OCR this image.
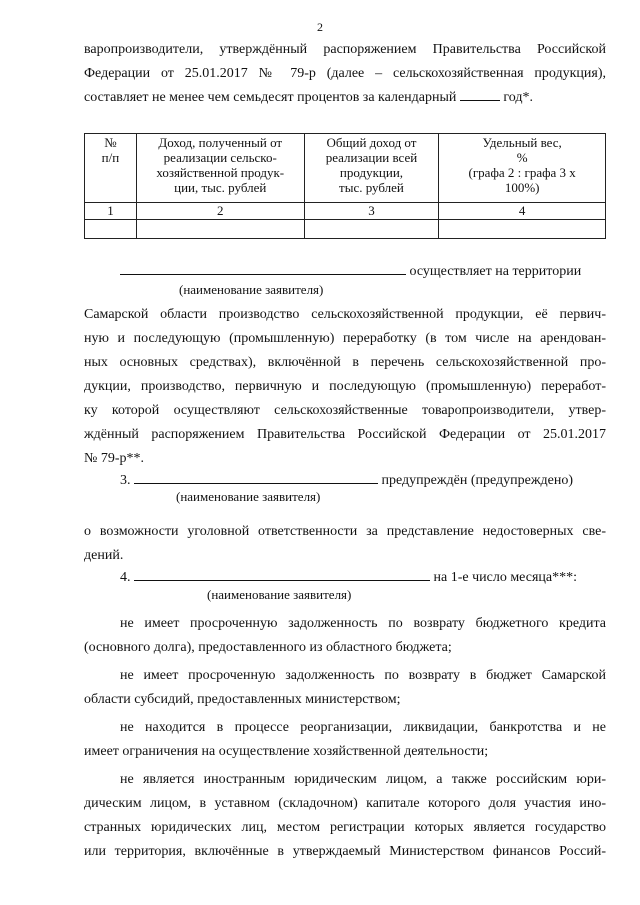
2
варопроизводители, утверждённый распоряжением Правительства Российской
Федерации от 25.01.2017 № 79-р (далее – сельскохозяйственная продукция),
составляет не менее чем семьдесят процентов за календарный	год*.
№
п/п	Доход, полученный от
реализации сельско-
хозяйственной продук-
ции, тыс. рублей	Общий доход от
реализации всей
продукции,
тыс. рублей	Удельный вес,
%
(графа 2 : графа 3 х
100%)
1	2	3	4

осуществляет на территории
(наименование заявителя)
Самарской области производство сельскохозяйственной продукции, её первич-
ную и последующую (промышленную) переработку (в том числе на арендован-
ных основных средствах), включённой в перечень сельскохозяйственной про-
дукции, производство, первичную и последующую (промышленную) переработ-
ку которой осуществляют сельскохозяйственные товаропроизводители, утвер-
ждённый распоряжением Правительства Российской Федерации от 25.01.2017
№ 79-р**.
3.	предупреждён (предупреждено)
(наименование заявителя)
о возможности уголовной ответственности за представление недостоверных све-
дений.
4.	на 1-е число месяца***:
(наименование заявителя)
не имеет просроченную задолженность по возврату бюджетного кредита
(основного долга), предоставленного из областного бюджета;
не имеет просроченную задолженность по возврату в бюджет Самарской
области субсидий, предоставленных министерством;
не находится в процессе реорганизации, ликвидации, банкротства и не
имеет ограничения на осуществление хозяйственной деятельности;
не является иностранным юридическим лицом, а также российским юри-
дическим лицом, в уставном (складочном) капитале которого доля участия ино-
странных юридических лиц, местом регистрации которых является государство
или территория, включённые в утверждаемый Министерством финансов Россий-
